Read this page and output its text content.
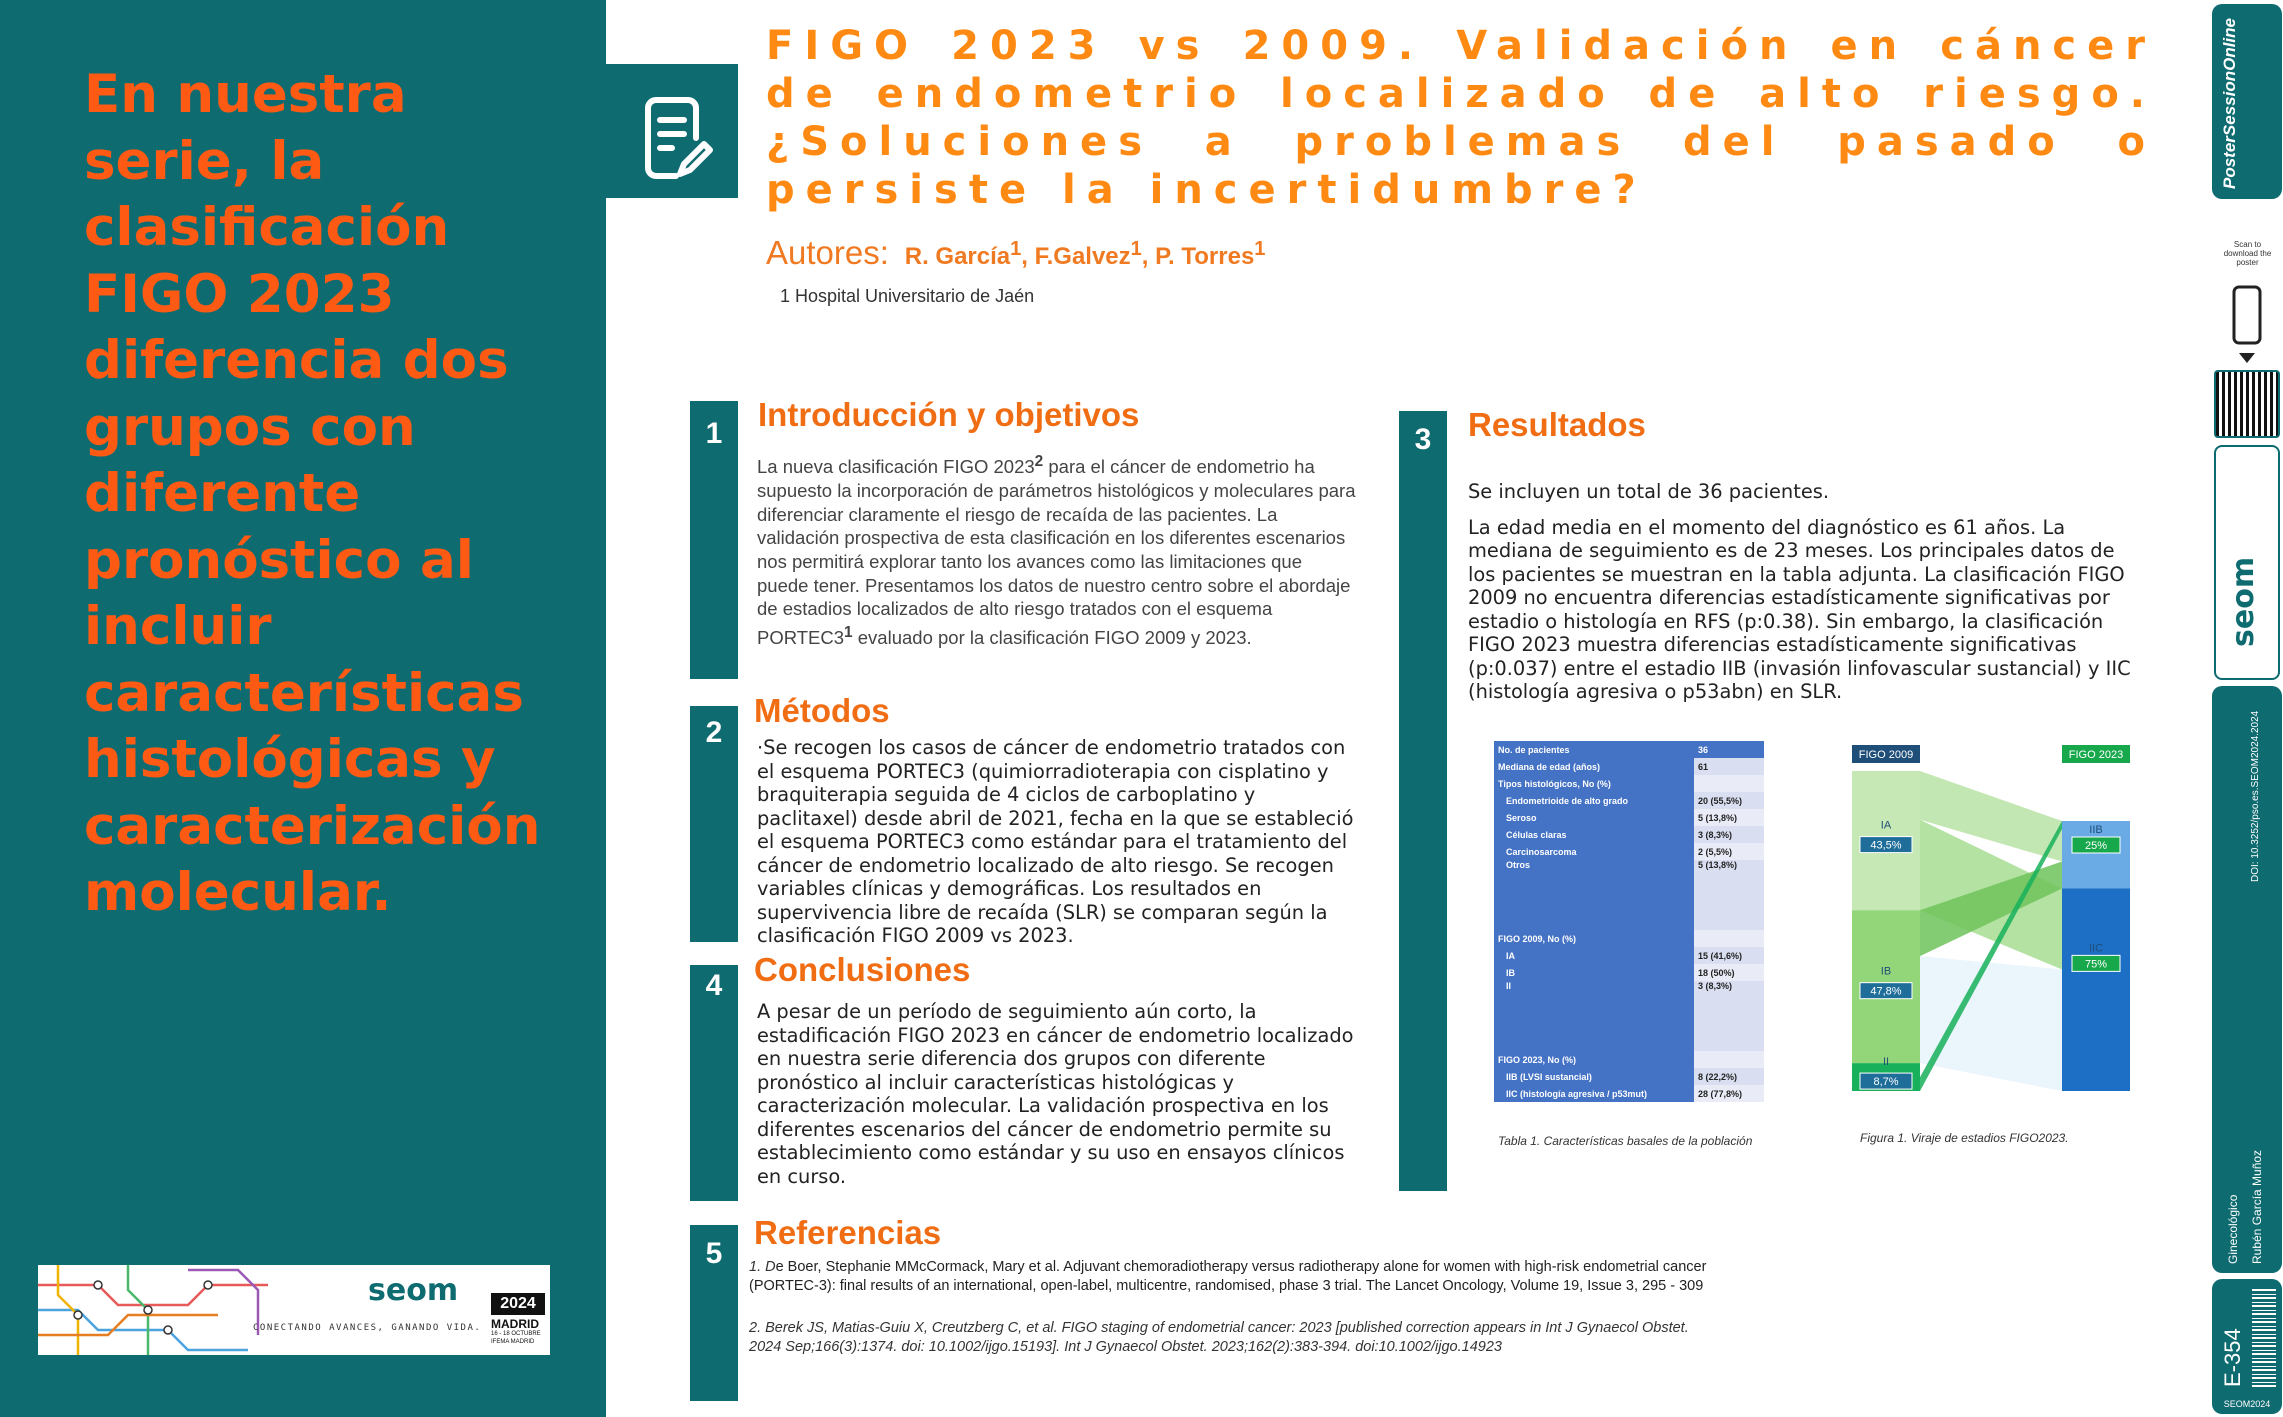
En nuestra serie, la clasificación FIGO 2023 diferencia dos grupos con diferente pronóstico al incluir características histológicas y caracterización molecular.
seom	2024
MADRID
16 - 18 OCTUBRE
IFEMA MADRID
CONECTANDO AVANCES, GANANDO VIDA.
FIGO 2023 vs 2009. Validación en cáncer de endometrio localizado de alto riesgo. ¿Soluciones a problemas del pasado o persiste la incertidumbre?
Autores: R. García$^1$, F.Galvez$^1$, P. Torres$^1$
1 Hospital Universitario de Jaén
1
Introducción y objetivos
La nueva clasificación FIGO 2023$^2$ para el cáncer de endometrio ha supuesto la incorporación de parámetros histológicos y moleculares para diferenciar claramente el riesgo de recaída de las pacientes. La validación prospectiva de esta clasificación en los diferentes escenarios nos permitirá explorar tanto los avances como las limitaciones que puede tener. Presentamos los datos de nuestro centro sobre el abordaje de estadios localizados de alto riesgo tratados con el esquema $PORTEC3^1$ evaluado por la clasificación FIGO 2009 y 2023.
2
Métodos
·Se recogen los casos de cáncer de endometrio tratados con el esquema PORTEC3 (quimiorradioterapia con cisplatino y braquiterapia seguida de 4 ciclos de carboplatino y paclitaxel) desde abril de 2021, fecha en la que se estableció el esquema PORTEC3 como estándar para el tratamiento del cáncer de endometrio localizado de alto riesgo. Se recogen variables clínicas y demográficas. Los resultados en supervivencia libre de recaída (SLR) se comparan según la clasificación FIGO 2009 vs 2023.
4 Conclusiones
A pesar de un período de seguimiento aún corto, la estadificación FIGO 2023 en cáncer de endometrio localizado en nuestra serie diferencia dos grupos con diferente pronóstico al incluir características histológicas y caracterización molecular. La validación prospectiva en los diferentes escenarios del cáncer de endometrio permite su establecimiento como estándar y su uso en ensayos clínicos en curso.
5
Referencias

1. De Boer, Stephanie MMcCormack, Mary et al. Adjuvant chemoradiotherapy versus radiotherapy alone for women with high-risk endometrial cancer (PORTEC-3): final results of an international, open-label, multicentre, randomised, phase 3 trial. The Lancet Oncology, Volume 19, Issue 3, 295 - 309

2. Berek JS, Matias-Guiu X, Creutzberg C, et al. FIGO staging of endometrial cancer: 2023 [published correction appears in Int J Gynaecol Obstet. 2024 Sep;166(3):1374. doi: 10.1002/ijgo.15193]. Int J Gynaecol Obstet. 2023;162(2):383-394. doi:10.1002/ijgo.14923

3	Resultados

Se incluyen un total de 36 pacientes.

La edad media en el momento del diagnóstico es 61 años. La mediana de seguimiento es de 23 meses. Los principales datos de los pacientes se muestran en la tabla adjunta. La clasificación FIGO 2009 no encuentra diferencias estadísticamente significativas por estadio o histología en RFS (p:0.38). Sin embargo, la clasificación FIGO 2023 muestra diferencias estadísticamente significativas (p:0.037) entre el estadio IIB (invasión linfovascular sustancial) y IIC (histología agresiva o p53abn) en SLR.

No. de pacientes	36
Mediana de edad (años)	61
Tipos histológicos, No (%)	
Endometrioide de alto grado	20 (55,5%)
Seroso	5 (13,8%)
Células claras	3 (8,3%)
Carcinosarcoma	2 (5,5%)
Otros	5 (13,8%)
FIGO 2009, No (%)	
IA	15 (41,6%)
IB	18 (50%)
II	3 (8,3%)
FIGO 2023, No (%)	
IIB (LVSI sustancial)	8 (22,2%)
IIC (histología agresiva / p53mut)	28 (77,8%)
Tabla 1. Características basales de la población
FIGO 2009	FIGO 2023
IA
43,5%
IB
47,8%
II
8,7%
IIB
25%
IIC
75%
Figura 1. Viraje de estadios FIGO2023.
PosterSessionOnline
Scan to download the poster
seom
DOI: 10.3252/pso.es.SEOM2024.2024
Ginecológico Rubén García Muñoz
E-354
SEOM2024
